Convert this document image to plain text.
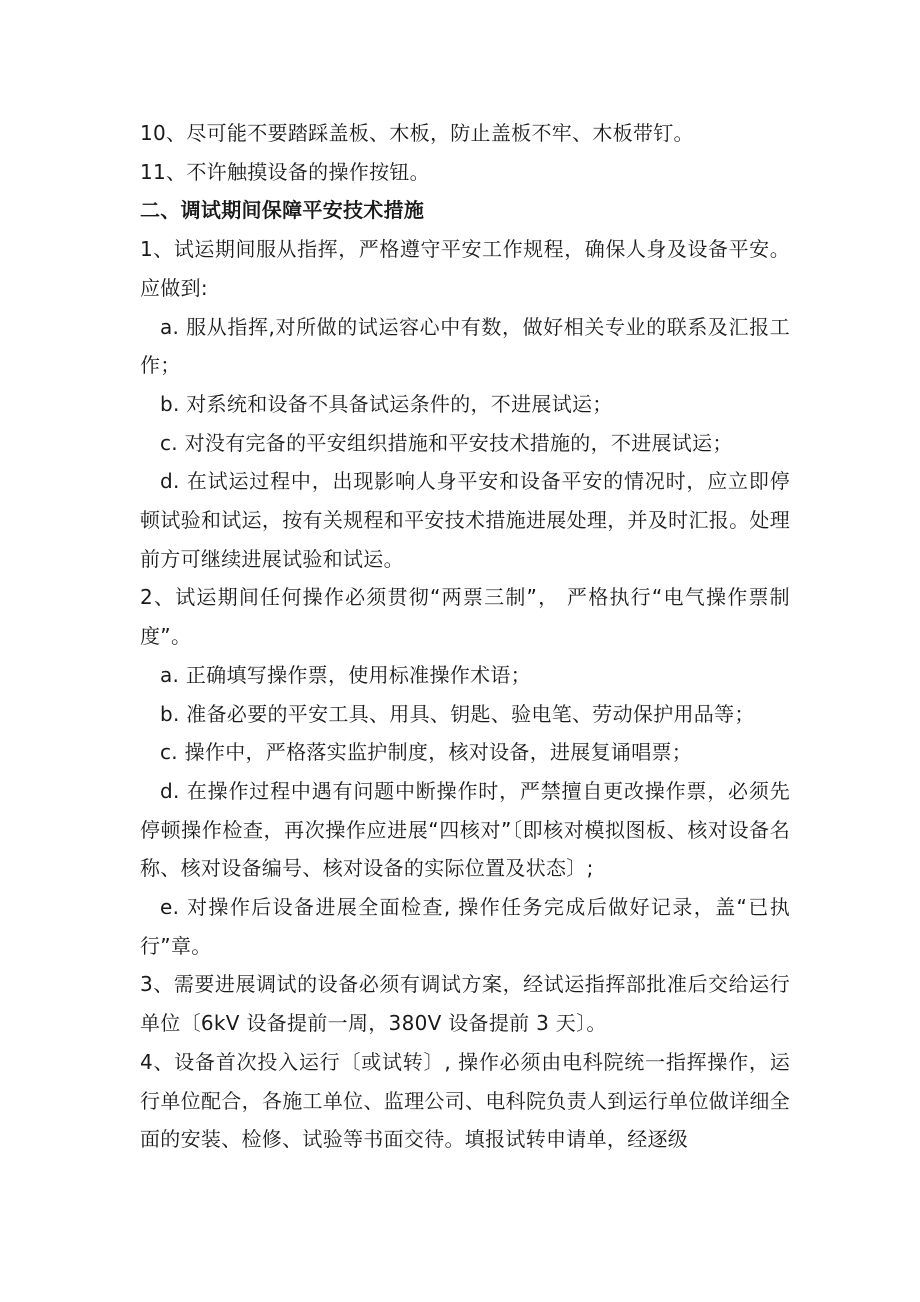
10、尽可能不要踏踩盖板、木板，防止盖板不牢、木板带钉。

11、不许触摸设备的操作按钮。

二、调试期间保障平安技术措施

1、试运期间服从指挥，严格遵守平安工作规程，确保人身及设备平安。应做到:

a. 服从指挥,对所做的试运容心中有数，做好相关专业的联系及汇报工作；

b. 对系统和设备不具备试运条件的，不进展试运；

c. 对没有完备的平安组织措施和平安技术措施的，不进展试运；

d. 在试运过程中，出现影响人身平安和设备平安的情况时，应立即停顿试验和试运，按有关规程和平安技术措施进展处理，并及时汇报。处理前方可继续进展试验和试运。

2、试运期间任何操作必须贯彻“两票三制”， 严格执行“电气操作票制度”。

a. 正确填写操作票，使用标准操作术语；

b. 准备必要的平安工具、用具、钥匙、验电笔、劳动保护用品等；

c. 操作中，严格落实监护制度，核对设备，进展复诵唱票；

d. 在操作过程中遇有问题中断操作时，严禁擅自更改操作票，必须先停顿操作检查，再次操作应进展“四核对”〔即核对模拟图板、核对设备名称、核对设备编号、核对设备的实际位置及状态〕;

e. 对操作后设备进展全面检查, 操作任务完成后做好记录，盖“已执行”章。

3、需要进展调试的设备必须有调试方案，经试运指挥部批准后交给运行单位〔6kV 设备提前一周，380V 设备提前 3 天〕。

4、设备首次投入运行〔或试转〕, 操作必须由电科院统一指挥操作，运行单位配合，各施工单位、监理公司、电科院负责人到运行单位做详细全面的安装、检修、试验等书面交待。填报试转申请单，经逐级
